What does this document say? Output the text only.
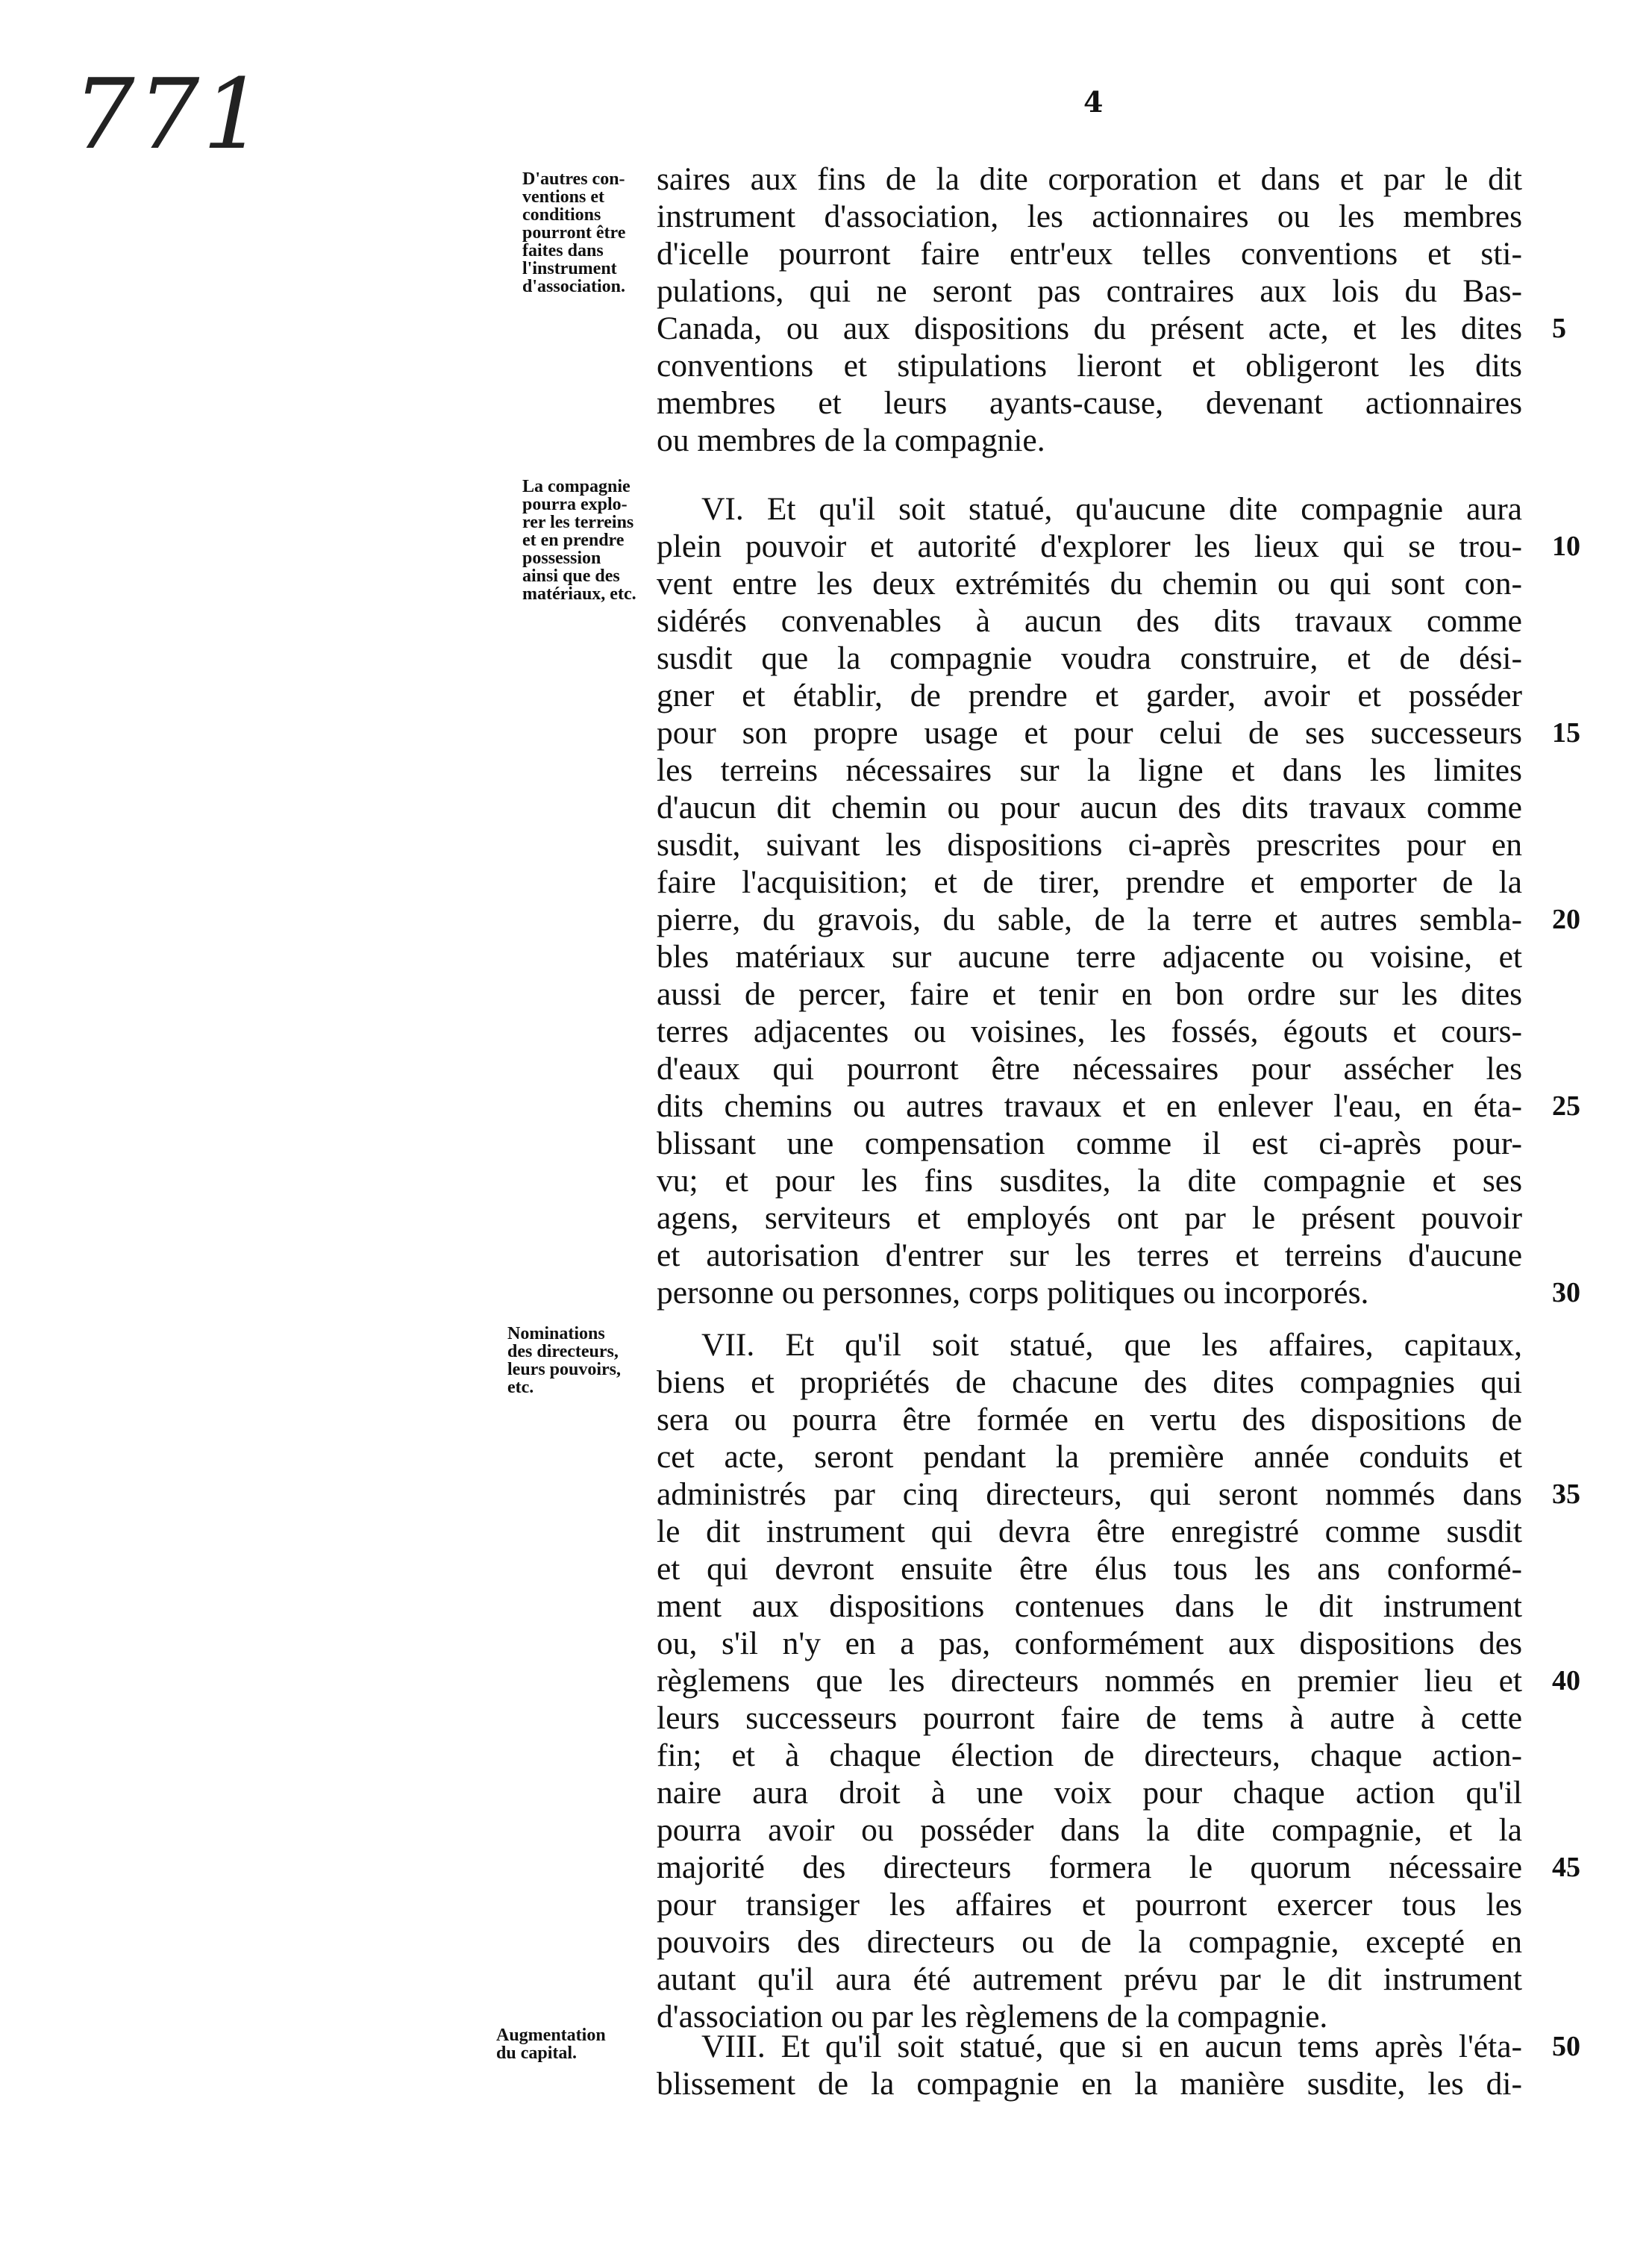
771	4
D'autres con-
ventions et
conditions
pourront être
faites dans
l'instrument
d'association.
La compagnie
pourra explo-
rer les terreins
et en prendre
possession
ainsi que des
matériaux, etc.
Nominations
des directeurs,
leurs pouvoirs,
etc.
Augmentation
du capital.
saires aux fins de la dite corporation et dans et par le dit
instrument d'association, les actionnaires ou les membres
d'icelle pourront faire entr'eux telles conventions et sti-
pulations, qui ne seront pas contraires aux lois du Bas-
Canada, ou aux dispositions du présent acte, et les dites
conventions et stipulations lieront et obligeront les dits
membres et leurs ayants-cause, devenant actionnaires
ou membres de la compagnie.
VI. Et qu'il soit statué, qu'aucune dite compagnie aura
plein pouvoir et autorité d'explorer les lieux qui se trou-
vent entre les deux extrémités du chemin ou qui sont con-
sidérés convenables à aucun des dits travaux comme
susdit que la compagnie voudra construire, et de dési-
gner et établir, de prendre et garder, avoir et posséder
pour son propre usage et pour celui de ses successeurs
les terreins nécessaires sur la ligne et dans les limites
d'aucun dit chemin ou pour aucun des dits travaux comme
susdit, suivant les dispositions ci-après prescrites pour en
faire l'acquisition; et de tirer, prendre et emporter de la
pierre, du gravois, du sable, de la terre et autres sembla-
bles matériaux sur aucune terre adjacente ou voisine, et
aussi de percer, faire et tenir en bon ordre sur les dites
terres adjacentes ou voisines, les fossés, égouts et cours-
d'eaux qui pourront être nécessaires pour assécher les
dits chemins ou autres travaux et en enlever l'eau, en éta-
blissant une compensation comme il est ci-après pour-
vu; et pour les fins susdites, la dite compagnie et ses
agens, serviteurs et employés ont par le présent pouvoir
et autorisation d'entrer sur les terres et terreins d'aucune
personne ou personnes, corps politiques ou incorporés.
VII. Et qu'il soit statué, que les affaires, capitaux,
biens et propriétés de chacune des dites compagnies qui
sera ou pourra être formée en vertu des dispositions de
cet acte, seront pendant la première année conduits et
administrés par cinq directeurs, qui seront nommés dans
le dit instrument qui devra être enregistré comme susdit
et qui devront ensuite être élus tous les ans conformé-
ment aux dispositions contenues dans le dit instrument
ou, s'il n'y en a pas, conformément aux dispositions des
règlemens que les directeurs nommés en premier lieu et
leurs successeurs pourront faire de tems à autre à cette
fin; et à chaque élection de directeurs, chaque action-
naire aura droit à une voix pour chaque action qu'il
pourra avoir ou posséder dans la dite compagnie, et la
majorité des directeurs formera le quorum nécessaire
pour transiger les affaires et pourront exercer tous les
pouvoirs des directeurs ou de la compagnie, excepté en
autant qu'il aura été autrement prévu par le dit instrument
d'association ou par les règlemens de la compagnie.
VIII. Et qu'il soit statué, que si en aucun tems après l'éta-
blissement de la compagnie en la manière susdite, les di-
5
10
15
20
25
30
35
40
45
50
